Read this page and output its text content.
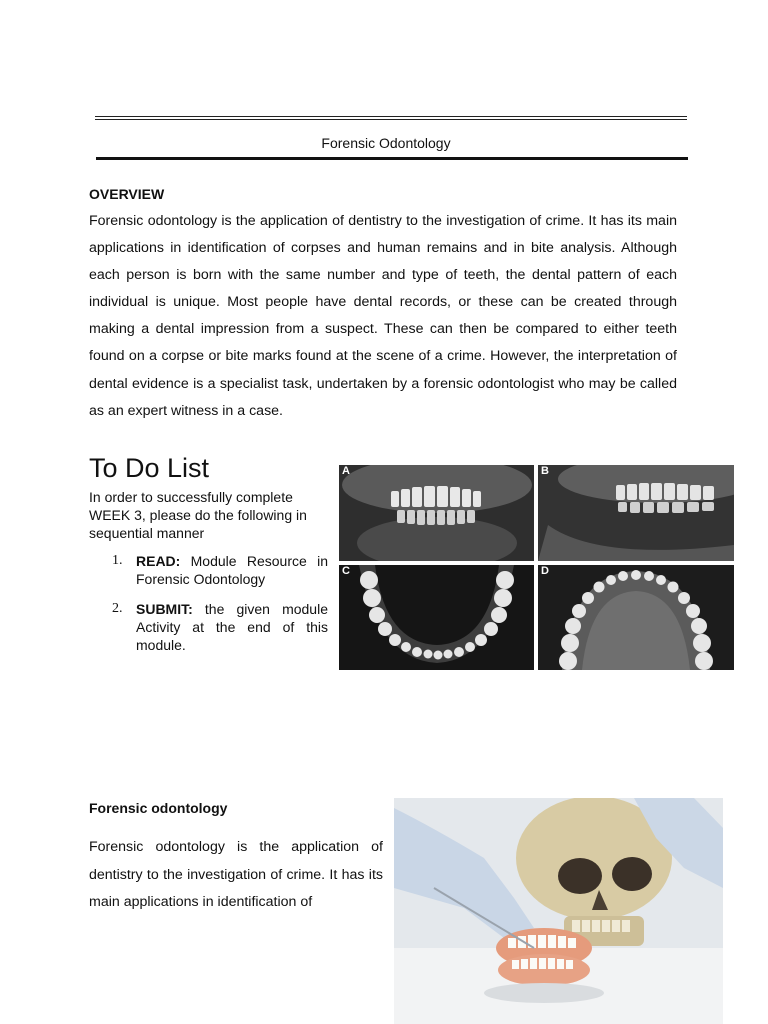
Forensic Odontology
OVERVIEW
Forensic odontology is the application of dentistry to the investigation of crime. It has its main applications in identification of corpses and human remains and in bite analysis. Although each person is born with the same number and type of teeth, the dental pattern of each individual is unique. Most people have dental records, or these can be created through making a dental impression from a suspect. These can then be compared to either teeth found on a corpse or bite marks found at the scene of a crime. However, the interpretation of dental evidence is a specialist task, undertaken by a forensic odontologist who may be called as an expert witness in a case.
To Do List
In order to successfully complete WEEK 3, please do the following in sequential manner
1. READ: Module Resource in Forensic Odontology
2. SUBMIT: the given module Activity at the end of this module.
A	B
C	D
Forensic odontology
Forensic odontology is the application of dentistry to the investigation of crime. It has its main applications in identification of
